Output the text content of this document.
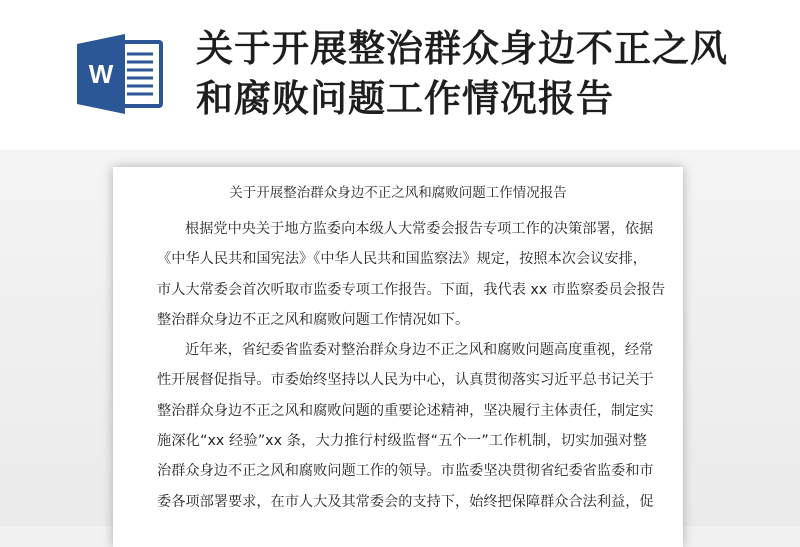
W
关于开展整治群众身边不正之风
和腐败问题工作情况报告
关于开展整治群众身边不正之风和腐败问题工作情况报告
根据党中央关于地方监委向本级人大常委会报告专项工作的决策部署，依据
《中华人民共和国宪法》《中华人民共和国监察法》规定，按照本次会议安排，
市人大常委会首次听取市监委专项工作报告。下面，我代表 xx 市监察委员会报告
整治群众身边不正之风和腐败问题工作情况如下。
近年来，省纪委省监委对整治群众身边不正之风和腐败问题高度重视，经常
性开展督促指导。市委始终坚持以人民为中心，认真贯彻落实习近平总书记关于
整治群众身边不正之风和腐败问题的重要论述精神，坚决履行主体责任，制定实
施深化“xx 经验”xx 条，大力推行村级监督“五个一”工作机制，切实加强对整
治群众身边不正之风和腐败问题工作的领导。市监委坚决贯彻省纪委省监委和市
委各项部署要求，在市人大及其常委会的支持下，始终把保障群众合法利益，促
